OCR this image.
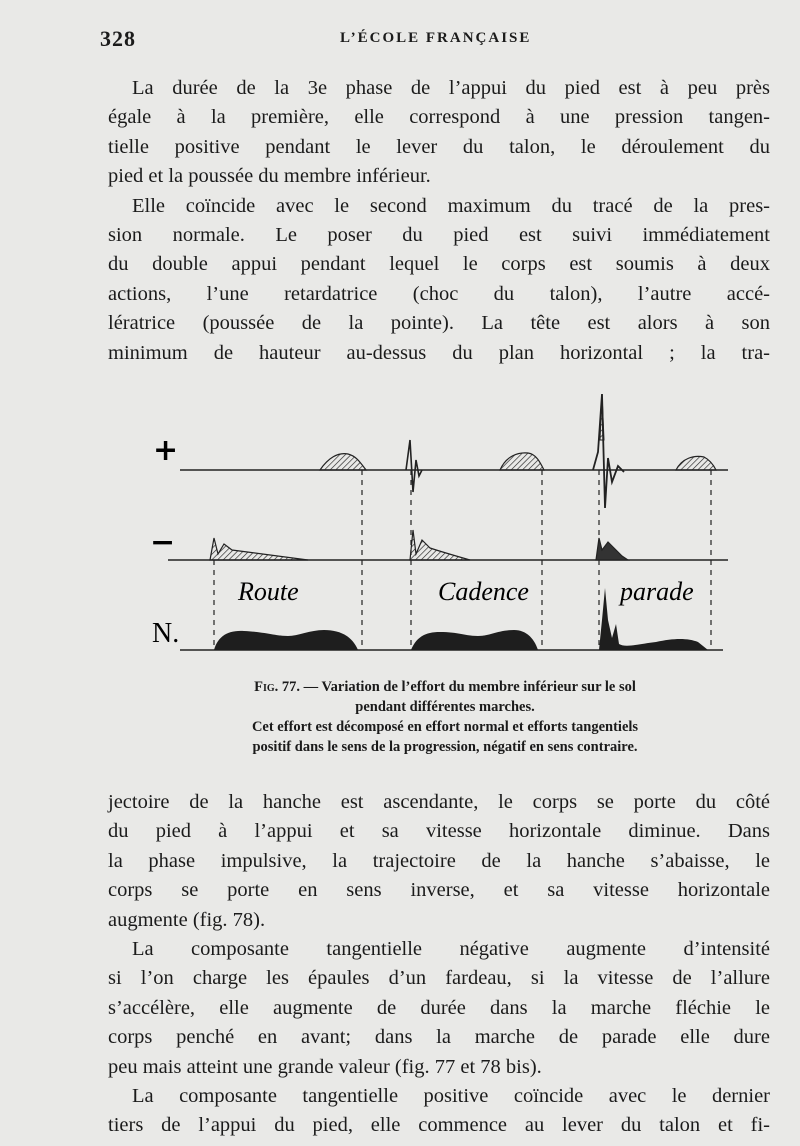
328	L’ÉCOLE FRANÇAISE

La durée de la 3e phase de l’appui du pied est à peu près
égale à la première, elle correspond à une pression tangen-
tielle positive pendant le lever du talon, le déroulement du
pied et la poussée du membre inférieur.

Elle coïncide avec le second maximum du tracé de la pres-
sion normale. Le poser du pied est suivi immédiatement
du double appui pendant lequel le corps est soumis à deux
actions, l’une retardatrice (choc du talon), l’autre accé-
lératrice (poussée de la pointe). La tête est alors à son
minimum de hauteur au-dessus du plan horizontal ; la tra-

+
−
N.
Route	Cadence	parade
Fig. 77. — Variation de l’effort du membre inférieur sur le sol
pendant différentes marches.
Cet effort est décomposé en effort normal et efforts tangentiels
positif dans le sens de la progression, négatif en sens contraire.

jectoire de la hanche est ascendante, le corps se porte du côté
du pied à l’appui et sa vitesse horizontale diminue. Dans
la phase impulsive, la trajectoire de la hanche s’abaisse, le
corps se porte en sens inverse, et sa vitesse horizontale
augmente (fig. 78).

La composante tangentielle négative augmente d’intensité
si l’on charge les épaules d’un fardeau, si la vitesse de l’allure
s’accélère, elle augmente de durée dans la marche fléchie le
corps penché en avant; dans la marche de parade elle dure
peu mais atteint une grande valeur (fig. 77 et 78 bis).

La composante tangentielle positive coïncide avec le dernier
tiers de l’appui du pied, elle commence au lever du talon et fi-
